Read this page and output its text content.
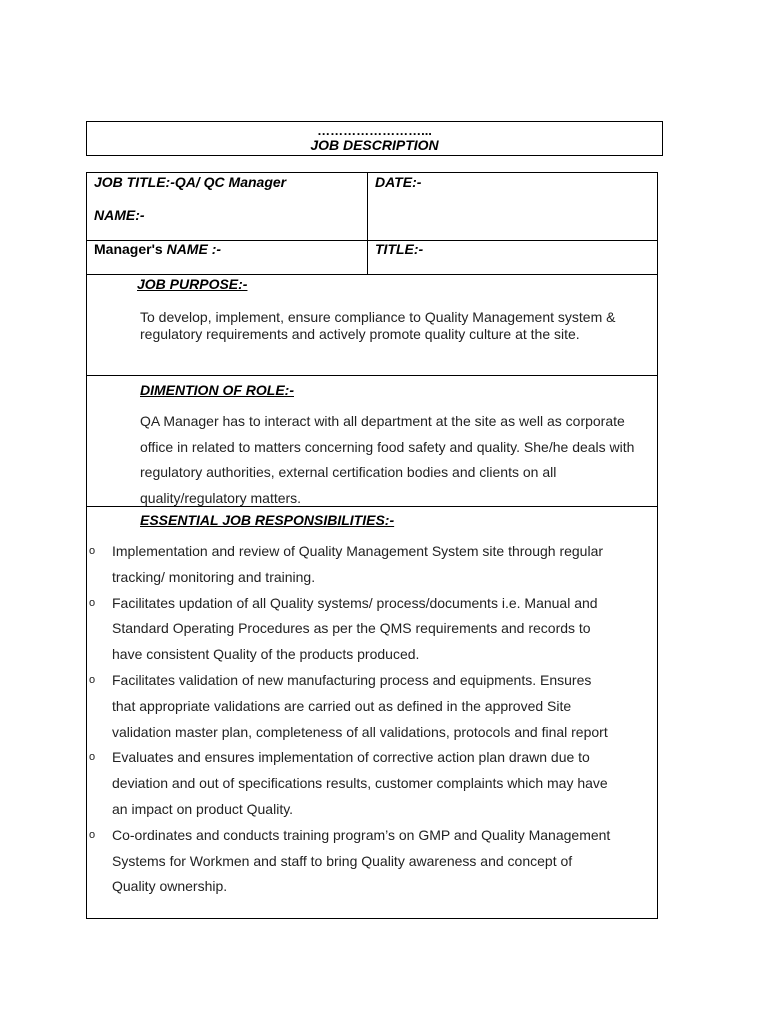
……………………...
JOB DESCRIPTION
JOB TITLE:-QA/ QC Manager	DATE:-
NAME:-
Manager's NAME :-	TITLE:-
JOB PURPOSE:-
To develop, implement, ensure compliance to Quality Management system & regulatory requirements and actively promote quality culture at the site.
DIMENTION OF ROLE:-
QA Manager has to interact with all department at the site as well as corporate office in related to matters concerning food safety and quality. She/he deals with regulatory authorities, external certification bodies and clients on all quality/regulatory matters.
ESSENTIAL JOB RESPONSIBILITIES:-
o Implementation and review of Quality Management System site through regular tracking/ monitoring and training.
o Facilitates updation of all Quality systems/ process/documents i.e. Manual and Standard Operating Procedures as per the QMS requirements and records to have consistent Quality of the products produced.
o Facilitates validation of new manufacturing process and equipments. Ensures that appropriate validations are carried out as defined in the approved Site validation master plan, completeness of all validations, protocols and final report
o Evaluates and ensures implementation of corrective action plan drawn due to deviation and out of specifications results, customer complaints which may have an impact on product Quality.
o Co-ordinates and conducts training program’s on GMP and Quality Management Systems for Workmen and staff to bring Quality awareness and concept of Quality ownership.
